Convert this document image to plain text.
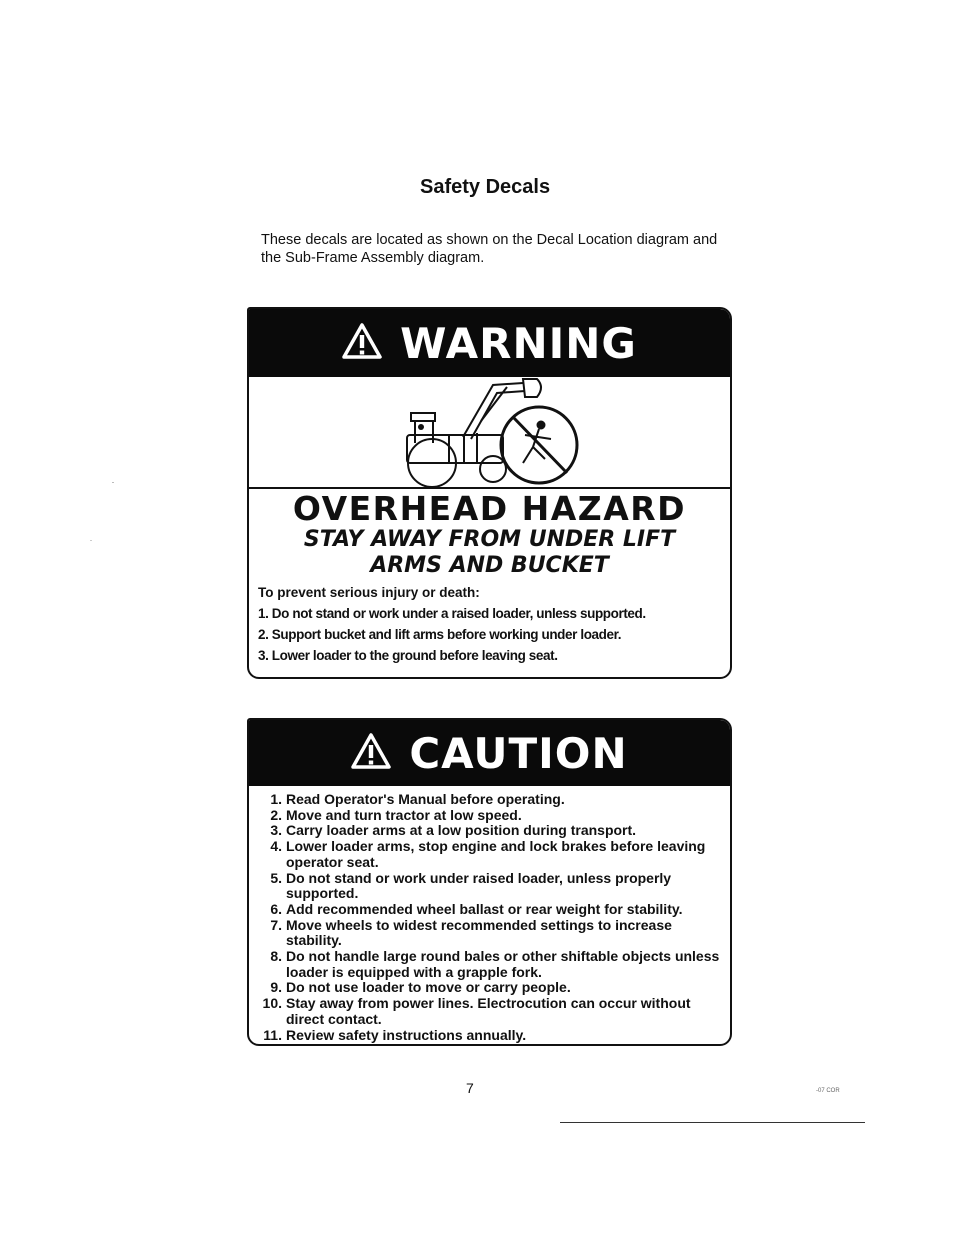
Safety Decals
These decals are located as shown on the Decal Location diagram and the Sub-Frame Assembly diagram.
WARNING
OVERHEAD HAZARD
STAY AWAY FROM UNDER LIFT
ARMS AND BUCKET
To prevent serious injury or death:
1. Do not stand or work under a raised loader, unless supported.
2. Support bucket and lift arms before working under loader.
3. Lower loader to the ground before leaving seat.
CAUTION
1. Read Operator's Manual before operating.
2. Move and turn tractor at low speed.
3. Carry loader arms at a low position during transport.
4. Lower loader arms, stop engine and lock brakes before leaving operator seat.
5. Do not stand or work under raised loader, unless properly supported.
6. Add recommended wheel ballast or rear weight for stability.
7. Move wheels to widest recommended settings to increase stability.
8. Do not handle large round bales or other shiftable objects unless loader is equipped with a grapple fork.
9. Do not use loader to move or carry people.
10. Stay away from power lines. Electrocution can occur without direct contact.
11. Review safety instructions annually.
7	-07 COR
